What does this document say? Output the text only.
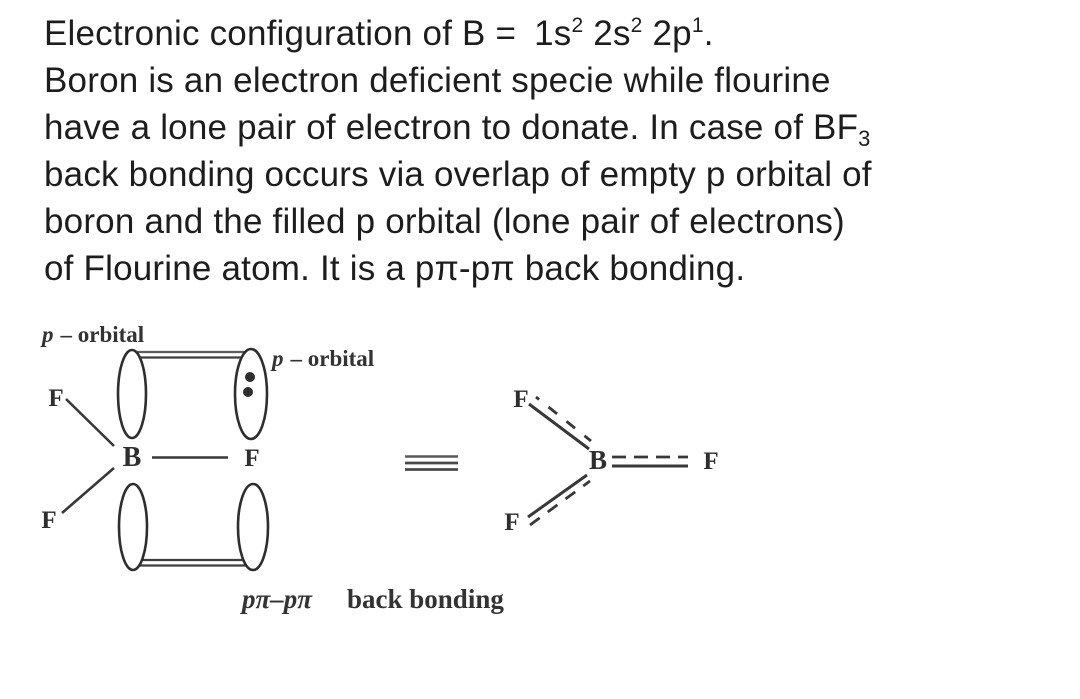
Electronic configuration of $B = 1s^2$ $2s^2$ $2p^1$.
Boron is an electron deficient specie while flourine
have a lone pair of electron to donate. In case of $BF_3$
back bonding occurs via overlap of empty p orbital of
boron and the filled p orbital (lone pair of electrons)
of Flourine atom. It is a pπ-pπ back bonding.
p – orbital
p – orbital
F
B	F
F
pπ–pπ back bonding
F
B	F
F
